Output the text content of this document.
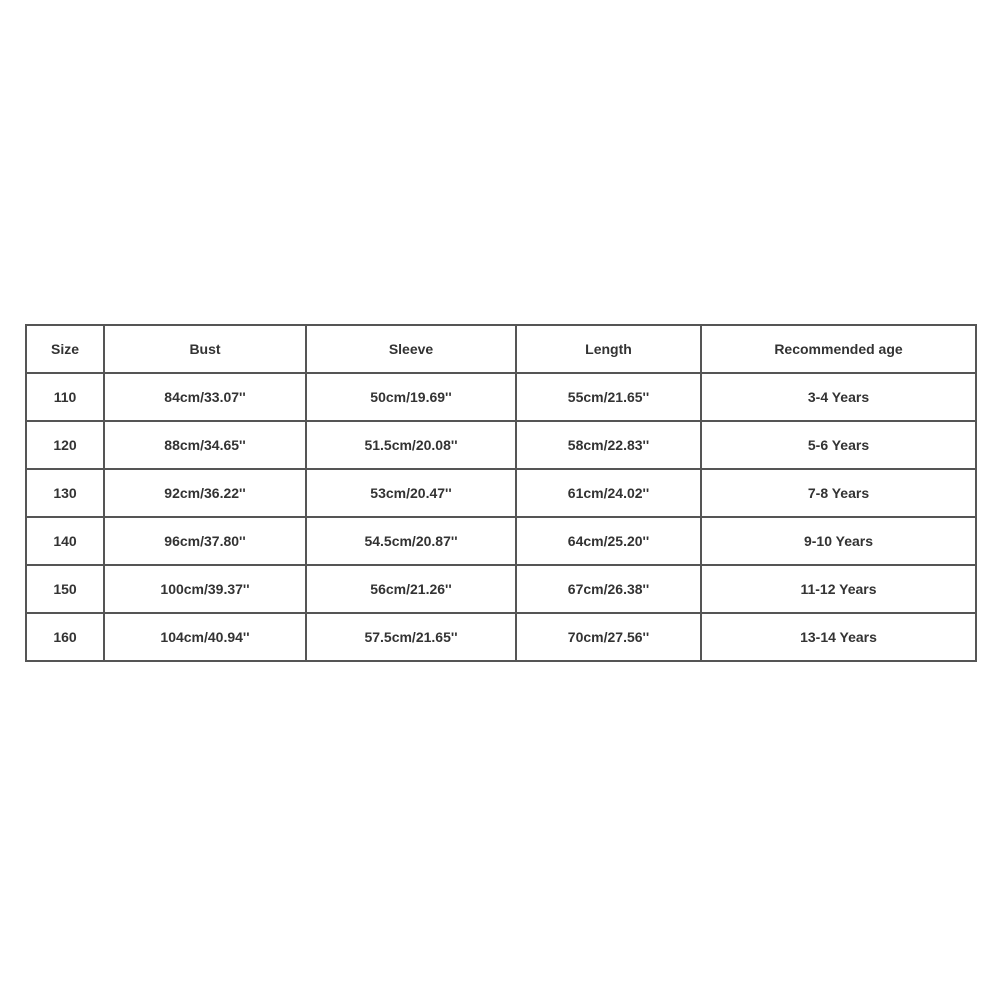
Size	Bust	Sleeve	Length	Recommended age
110	84cm/33.07''	50cm/19.69''	55cm/21.65''	3-4 Years
120	88cm/34.65''	51.5cm/20.08''	58cm/22.83''	5-6 Years
130	92cm/36.22''	53cm/20.47''	61cm/24.02''	7-8 Years
140	96cm/37.80''	54.5cm/20.87''	64cm/25.20''	9-10 Years
150	100cm/39.37''	56cm/21.26''	67cm/26.38''	11-12 Years
160	104cm/40.94''	57.5cm/21.65''	70cm/27.56''	13-14 Years
